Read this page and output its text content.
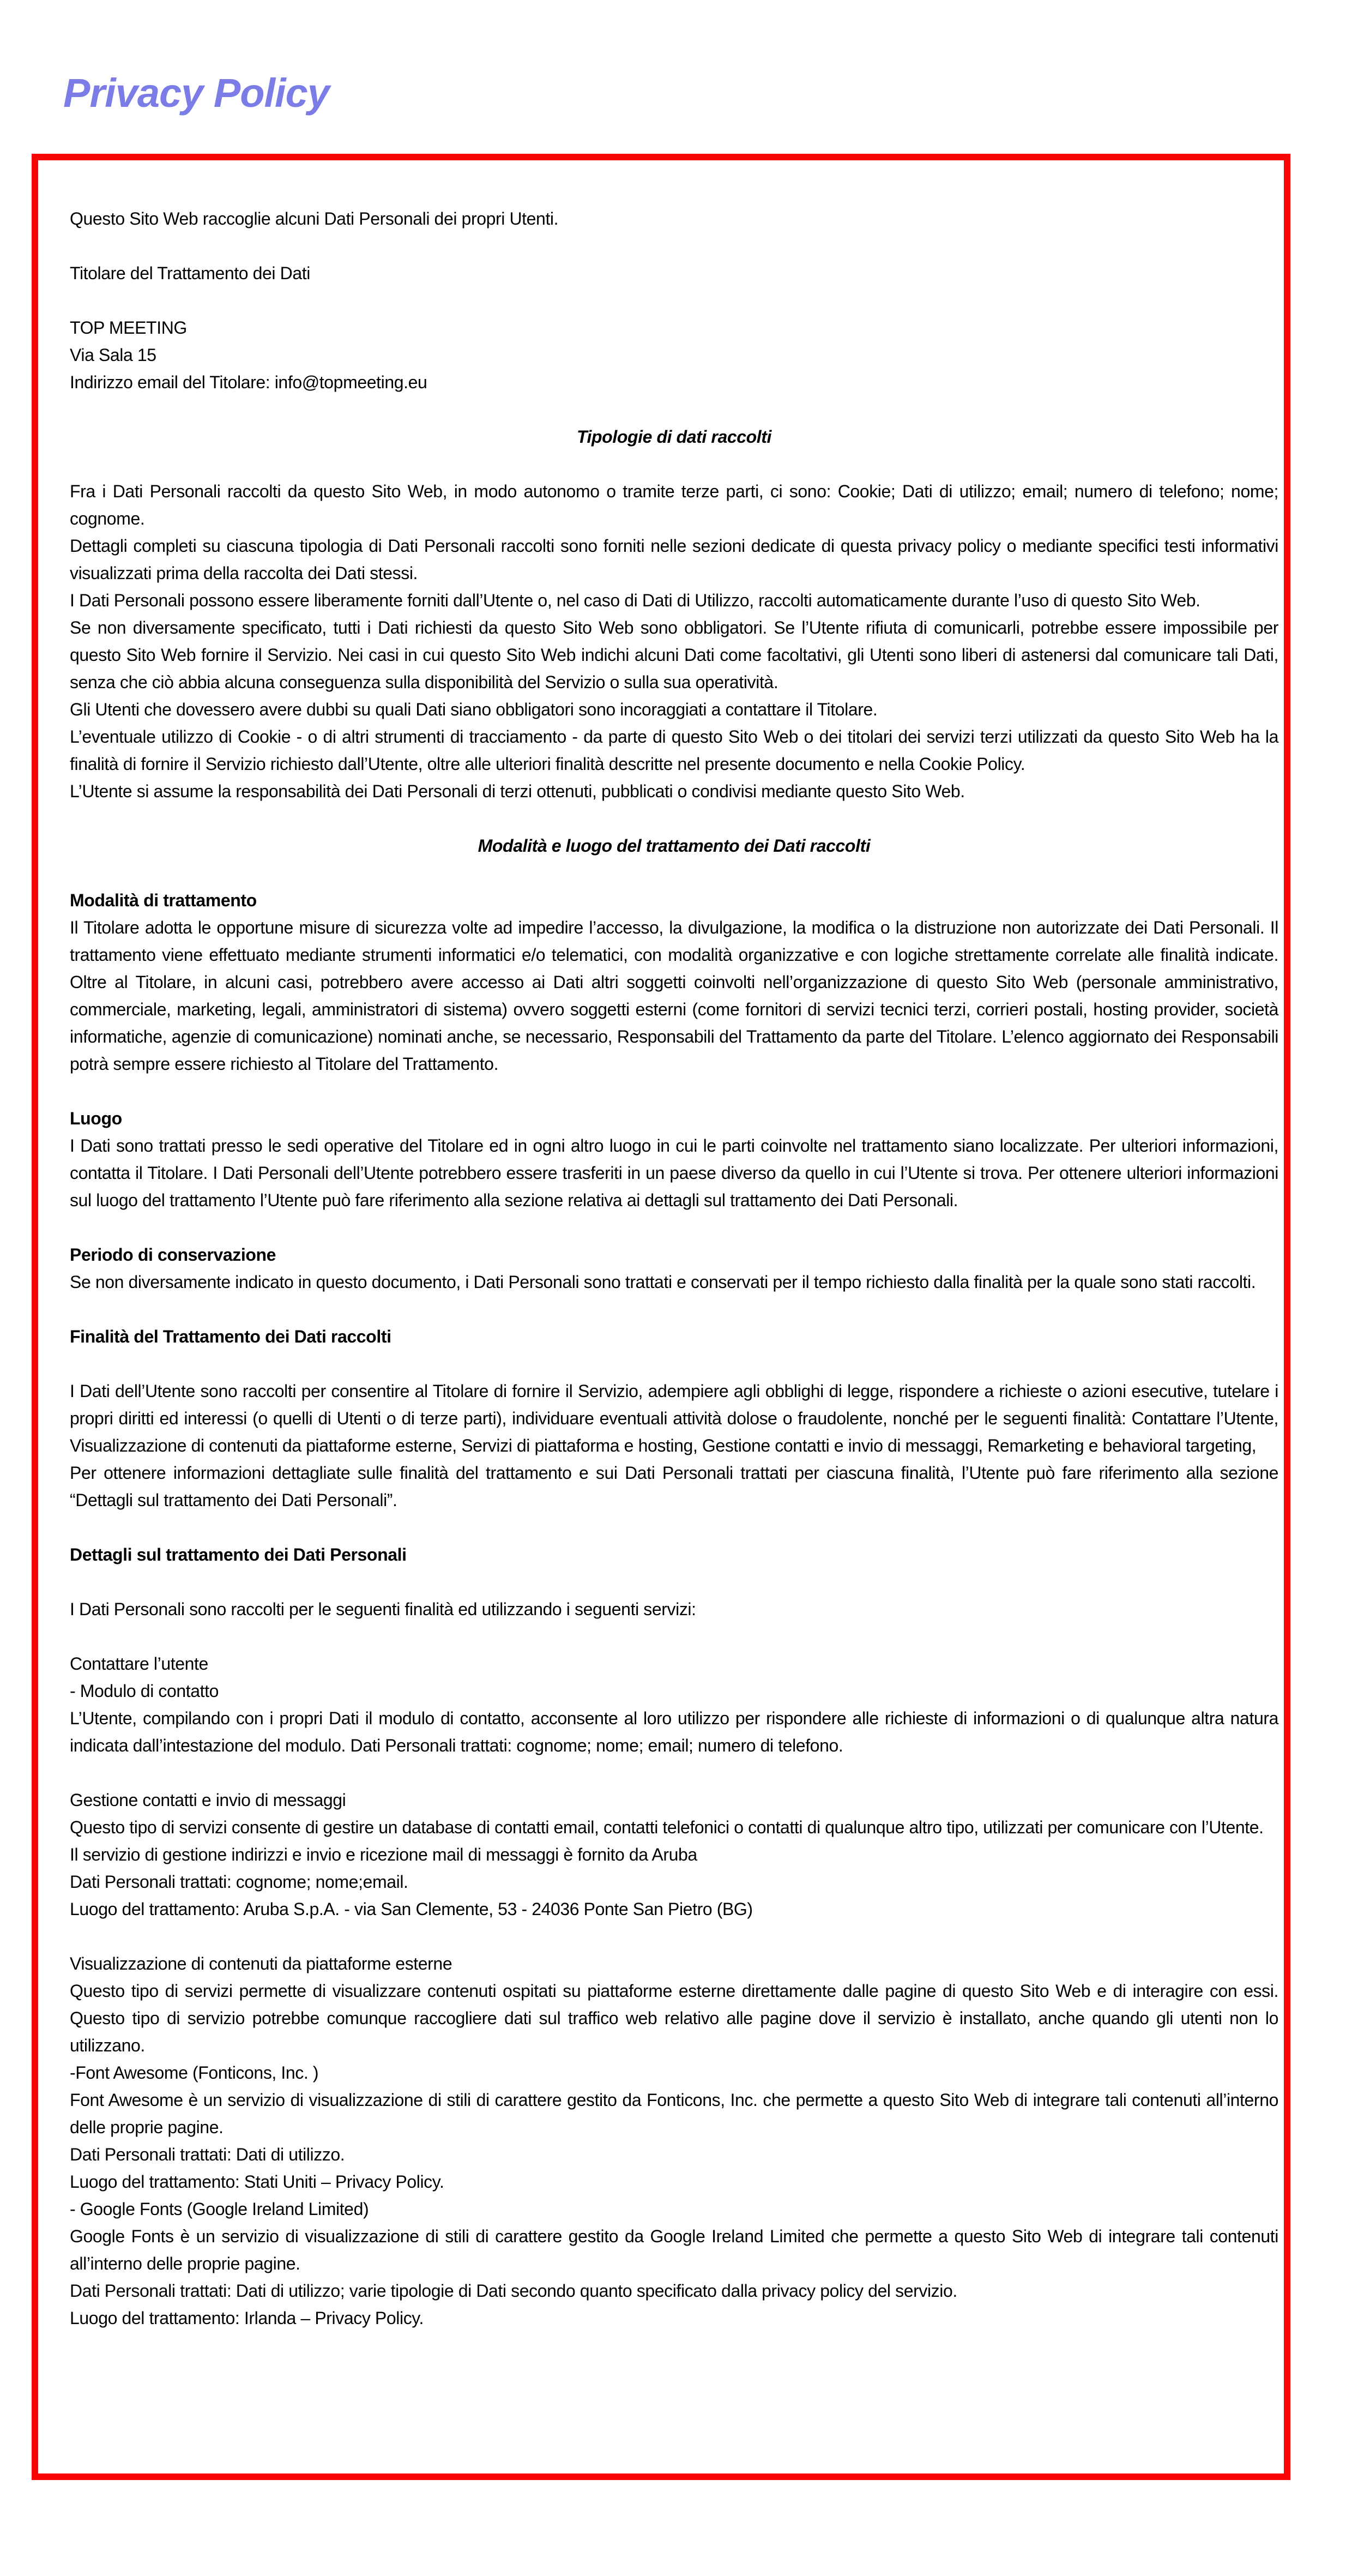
Privacy Policy

Questo Sito Web raccoglie alcuni Dati Personali dei propri Utenti.

Titolare del Trattamento dei Dati

TOP MEETING

Via Sala 15

Indirizzo email del Titolare: info@topmeeting.eu

Tipologie di dati raccolti

Fra i Dati Personali raccolti da questo Sito Web, in modo autonomo o tramite terze parti, ci sono: Cookie; Dati di utilizzo; email; numero di telefono; nome; cognome.

Dettagli completi su ciascuna tipologia di Dati Personali raccolti sono forniti nelle sezioni dedicate di questa privacy policy o mediante specifici testi informativi visualizzati prima della raccolta dei Dati stessi.

I Dati Personali possono essere liberamente forniti dall’Utente o, nel caso di Dati di Utilizzo, raccolti automaticamente durante l’uso di questo Sito Web.

Se non diversamente specificato, tutti i Dati richiesti da questo Sito Web sono obbligatori. Se l’Utente rifiuta di comunicarli, potrebbe essere impossibile per questo Sito Web fornire il Servizio. Nei casi in cui questo Sito Web indichi alcuni Dati come facoltativi, gli Utenti sono liberi di astenersi dal comunicare tali Dati, senza che ciò abbia alcuna conseguenza sulla disponibilità del Servizio o sulla sua operatività.

Gli Utenti che dovessero avere dubbi su quali Dati siano obbligatori sono incoraggiati a contattare il Titolare.

L’eventuale utilizzo di Cookie - o di altri strumenti di tracciamento - da parte di questo Sito Web o dei titolari dei servizi terzi utilizzati da questo Sito Web ha la finalità di fornire il Servizio richiesto dall’Utente, oltre alle ulteriori finalità descritte nel presente documento e nella Cookie Policy.

L’Utente si assume la responsabilità dei Dati Personali di terzi ottenuti, pubblicati o condivisi mediante questo Sito Web.

Modalità e luogo del trattamento dei Dati raccolti

Modalità di trattamento

Il Titolare adotta le opportune misure di sicurezza volte ad impedire l’accesso, la divulgazione, la modifica o la distruzione non autorizzate dei Dati Personali. Il trattamento viene effettuato mediante strumenti informatici e/o telematici, con modalità organizzative e con logiche strettamente correlate alle finalità indicate. Oltre al Titolare, in alcuni casi, potrebbero avere accesso ai Dati altri soggetti coinvolti nell’organizzazione di questo Sito Web (personale amministrativo, commerciale, marketing, legali, amministratori di sistema) ovvero soggetti esterni (come fornitori di servizi tecnici terzi, corrieri postali, hosting provider, società informatiche, agenzie di comunicazione) nominati anche, se necessario, Responsabili del Trattamento da parte del Titolare. L’elenco aggiornato dei Responsabili potrà sempre essere richiesto al Titolare del Trattamento.

Luogo

I Dati sono trattati presso le sedi operative del Titolare ed in ogni altro luogo in cui le parti coinvolte nel trattamento siano localizzate. Per ulteriori informazioni, contatta il Titolare. I Dati Personali dell’Utente potrebbero essere trasferiti in un paese diverso da quello in cui l’Utente si trova. Per ottenere ulteriori informazioni sul luogo del trattamento l’Utente può fare riferimento alla sezione relativa ai dettagli sul trattamento dei Dati Personali.

Periodo di conservazione

Se non diversamente indicato in questo documento, i Dati Personali sono trattati e conservati per il tempo richiesto dalla finalità per la quale sono stati raccolti.

Finalità del Trattamento dei Dati raccolti

I Dati dell’Utente sono raccolti per consentire al Titolare di fornire il Servizio, adempiere agli obblighi di legge, rispondere a richieste o azioni esecutive, tutelare i propri diritti ed interessi (o quelli di Utenti o di terze parti), individuare eventuali attività dolose o fraudolente, nonché per le seguenti finalità: Contattare l’Utente, Visualizzazione di contenuti da piattaforme esterne, Servizi di piattaforma e hosting, Gestione contatti e invio di messaggi, Remarketing e behavioral targeting,

Per ottenere informazioni dettagliate sulle finalità del trattamento e sui Dati Personali trattati per ciascuna finalità, l’Utente può fare riferimento alla sezione “Dettagli sul trattamento dei Dati Personali”.

Dettagli sul trattamento dei Dati Personali

I Dati Personali sono raccolti per le seguenti finalità ed utilizzando i seguenti servizi:

Contattare l’utente

- Modulo di contatto

L’Utente, compilando con i propri Dati il modulo di contatto, acconsente al loro utilizzo per rispondere alle richieste di informazioni o di qualunque altra natura indicata dall’intestazione del modulo. Dati Personali trattati: cognome; nome; email; numero di telefono.

Gestione contatti e invio di messaggi

Questo tipo di servizi consente di gestire un database di contatti email, contatti telefonici o contatti di qualunque altro tipo, utilizzati per comunicare con l’Utente.

Il servizio di gestione indirizzi e invio e ricezione mail di messaggi è fornito da Aruba

Dati Personali trattati: cognome; nome;email.

Luogo del trattamento: Aruba S.p.A. - via San Clemente, 53 - 24036 Ponte San Pietro (BG)

Visualizzazione di contenuti da piattaforme esterne

Questo tipo di servizi permette di visualizzare contenuti ospitati su piattaforme esterne direttamente dalle pagine di questo Sito Web e di interagire con essi. Questo tipo di servizio potrebbe comunque raccogliere dati sul traffico web relativo alle pagine dove il servizio è installato, anche quando gli utenti non lo utilizzano.

-Font Awesome (Fonticons, Inc. )

Font Awesome è un servizio di visualizzazione di stili di carattere gestito da Fonticons, Inc. che permette a questo Sito Web di integrare tali contenuti all’interno delle proprie pagine.

Dati Personali trattati: Dati di utilizzo.

Luogo del trattamento: Stati Uniti – Privacy Policy.

- Google Fonts (Google Ireland Limited)

Google Fonts è un servizio di visualizzazione di stili di carattere gestito da Google Ireland Limited che permette a questo Sito Web di integrare tali contenuti all’interno delle proprie pagine.

Dati Personali trattati: Dati di utilizzo; varie tipologie di Dati secondo quanto specificato dalla privacy policy del servizio.

Luogo del trattamento: Irlanda – Privacy Policy.
